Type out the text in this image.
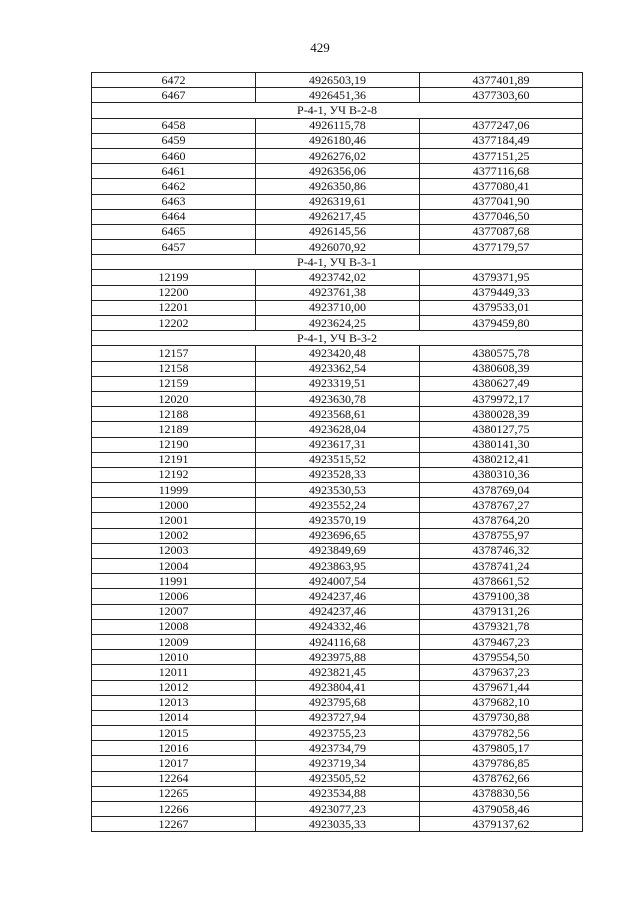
429
6472	4926503,19	4377401,89
6467	4926451,36	4377303,60
Р-4-1, УЧ В-2-8		
6458	4926115,78	4377247,06
6459	4926180,46	4377184,49
6460	4926276,02	4377151,25
6461	4926356,06	4377116,68
6462	4926350,86	4377080,41
6463	4926319,61	4377041,90
6464	4926217,45	4377046,50
6465	4926145,56	4377087,68
6457	4926070,92	4377179,57
Р-4-1, УЧ В-3-1		
12199	4923742,02	4379371,95
12200	4923761,38	4379449,33
12201	4923710,00	4379533,01
12202	4923624,25	4379459,80
Р-4-1, УЧ В-3-2		
12157	4923420,48	4380575,78
12158	4923362,54	4380608,39
12159	4923319,51	4380627,49
12020	4923630,78	4379972,17
12188	4923568,61	4380028,39
12189	4923628,04	4380127,75
12190	4923617,31	4380141,30
12191	4923515,52	4380212,41
12192	4923528,33	4380310,36
11999	4923530,53	4378769,04
12000	4923552,24	4378767,27
12001	4923570,19	4378764,20
12002	4923696,65	4378755,97
12003	4923849,69	4378746,32
12004	4923863,95	4378741,24
11991	4924007,54	4378661,52
12006	4924237,46	4379100,38
12007	4924237,46	4379131,26
12008	4924332,46	4379321,78
12009	4924116,68	4379467,23
12010	4923975,88	4379554,50
12011	4923821,45	4379637,23
12012	4923804,41	4379671,44
12013	4923795,68	4379682,10
12014	4923727,94	4379730,88
12015	4923755,23	4379782,56
12016	4923734,79	4379805,17
12017	4923719,34	4379786,85
12264	4923505,52	4378762,66
12265	4923534,88	4378830,56
12266	4923077,23	4379058,46
12267	4923035,33	4379137,62
